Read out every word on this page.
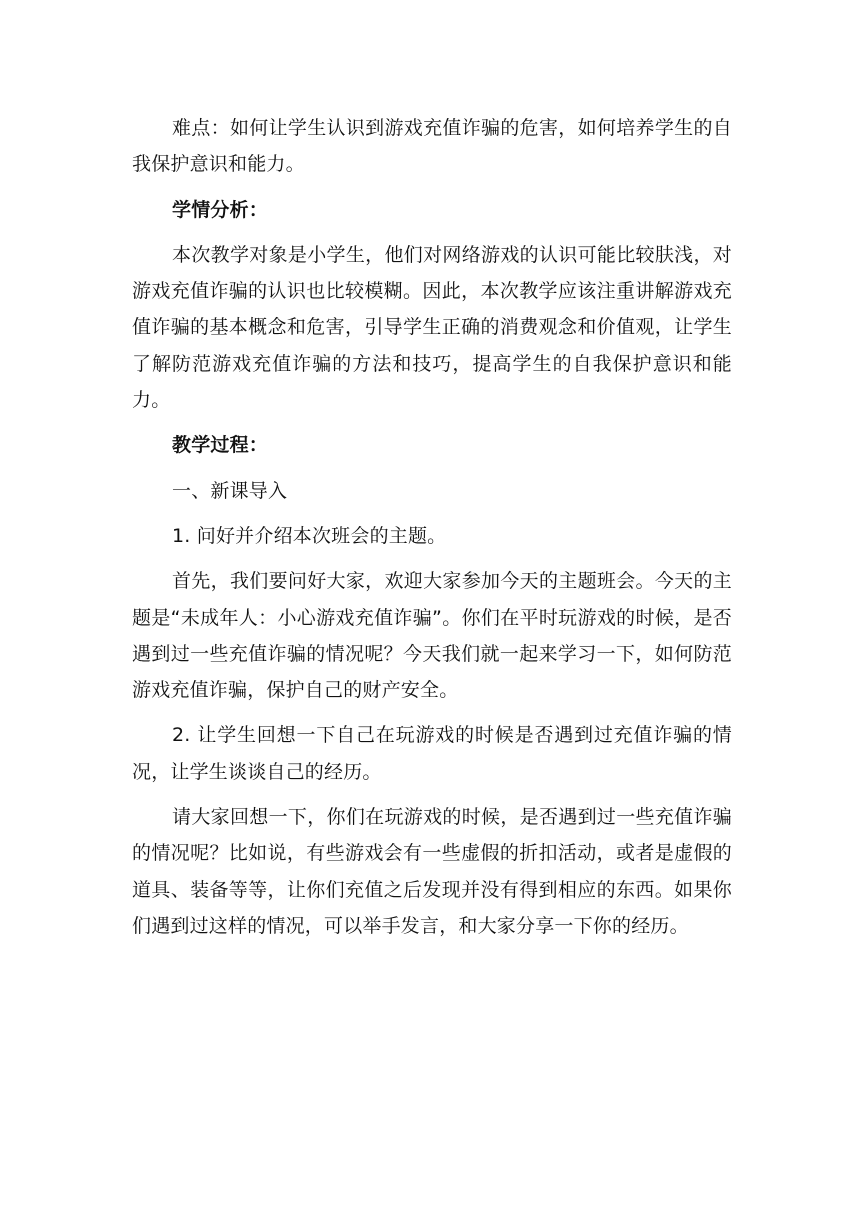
难点：如何让学生认识到游戏充值诈骗的危害，如何培养学生的自我保护意识和能力。

学情分析：

本次教学对象是小学生，他们对网络游戏的认识可能比较肤浅，对游戏充值诈骗的认识也比较模糊。因此，本次教学应该注重讲解游戏充值诈骗的基本概念和危害，引导学生正确的消费观念和价值观，让学生了解防范游戏充值诈骗的方法和技巧，提高学生的自我保护意识和能力。

教学过程：

一、新课导入

1. 问好并介绍本次班会的主题。

首先，我们要问好大家，欢迎大家参加今天的主题班会。今天的主题是“未成年人：小心游戏充值诈骗”。你们在平时玩游戏的时候，是否遇到过一些充值诈骗的情况呢？今天我们就一起来学习一下，如何防范游戏充值诈骗，保护自己的财产安全。

2. 让学生回想一下自己在玩游戏的时候是否遇到过充值诈骗的情况，让学生谈谈自己的经历。

请大家回想一下，你们在玩游戏的时候，是否遇到过一些充值诈骗的情况呢？比如说，有些游戏会有一些虚假的折扣活动，或者是虚假的道具、装备等等，让你们充值之后发现并没有得到相应的东西。如果你们遇到过这样的情况，可以举手发言，和大家分享一下你的经历。
